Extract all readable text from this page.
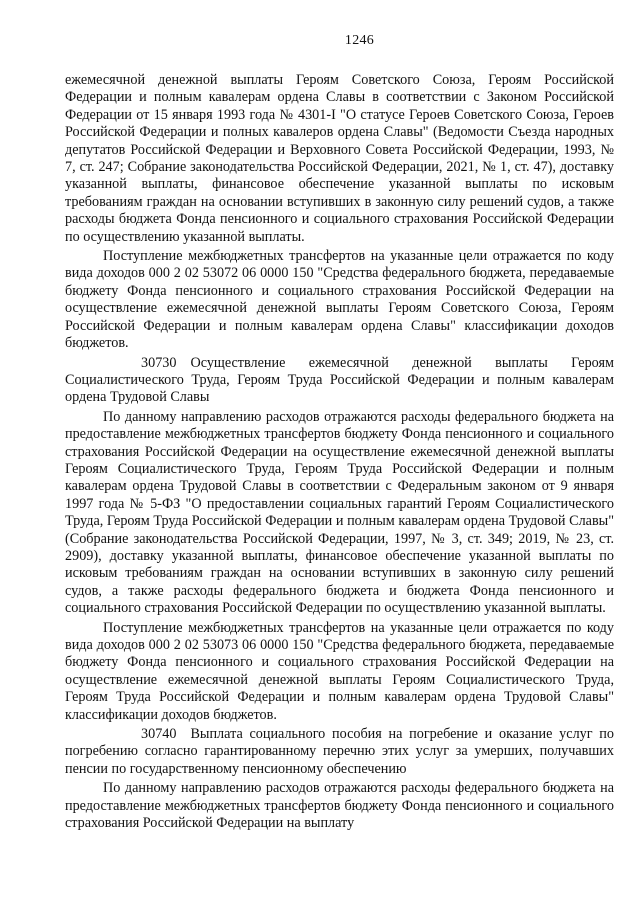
1246

ежемесячной денежной выплаты Героям Советского Союза, Героям Российской Федерации и полным кавалерам ордена Славы в соответствии с Законом Российской Федерации от 15 января 1993 года № 4301-I "О статусе Героев Советского Союза, Героев Российской Федерации и полных кавалеров ордена Славы" (Ведомости Съезда народных депутатов Российской Федерации и Верховного Совета Российской Федерации, 1993, № 7, ст. 247; Собрание законодательства Российской Федерации, 2021, № 1, ст. 47), доставку указанной выплаты, финансовое обеспечение указанной выплаты по исковым требованиям граждан на основании вступивших в законную силу решений судов, а также расходы бюджета Фонда пенсионного и социального страхования Российской Федерации по осуществлению указанной выплаты.

Поступление межбюджетных трансфертов на указанные цели отражается по коду вида доходов 000 2 02 53072 06 0000 150 "Средства федерального бюджета, передаваемые бюджету Фонда пенсионного и социального страхования Российской Федерации на осуществление ежемесячной денежной выплаты Героям Советского Союза, Героям Российской Федерации и полным кавалерам ордена Славы" классификации доходов бюджетов.

30730 Осуществление ежемесячной денежной выплаты Героям Социалистического Труда, Героям Труда Российской Федерации и полным кавалерам ордена Трудовой Славы

По данному направлению расходов отражаются расходы федерального бюджета на предоставление межбюджетных трансфертов бюджету Фонда пенсионного и социального страхования Российской Федерации на осуществление ежемесячной денежной выплаты Героям Социалистического Труда, Героям Труда Российской Федерации и полным кавалерам ордена Трудовой Славы в соответствии с Федеральным законом от 9 января 1997 года № 5-ФЗ "О предоставлении социальных гарантий Героям Социалистического Труда, Героям Труда Российской Федерации и полным кавалерам ордена Трудовой Славы" (Собрание законодательства Российской Федерации, 1997, № 3, ст. 349; 2019, № 23, ст. 2909), доставку указанной выплаты, финансовое обеспечение указанной выплаты по исковым требованиям граждан на основании вступивших в законную силу решений судов, а также расходы федерального бюджета и бюджета Фонда пенсионного и социального страхования Российской Федерации по осуществлению указанной выплаты.

Поступление межбюджетных трансфертов на указанные цели отражается по коду вида доходов 000 2 02 53073 06 0000 150 "Средства федерального бюджета, передаваемые бюджету Фонда пенсионного и социального страхования Российской Федерации на осуществление ежемесячной денежной выплаты Героям Социалистического Труда, Героям Труда Российской Федерации и полным кавалерам ордена Трудовой Славы" классификации доходов бюджетов.

30740 Выплата социального пособия на погребение и оказание услуг по погребению согласно гарантированному перечню этих услуг за умерших, получавших пенсии по государственному пенсионному обеспечению

По данному направлению расходов отражаются расходы федерального бюджета на предоставление межбюджетных трансфертов бюджету Фонда пенсионного и социального страхования Российской Федерации на выплату
